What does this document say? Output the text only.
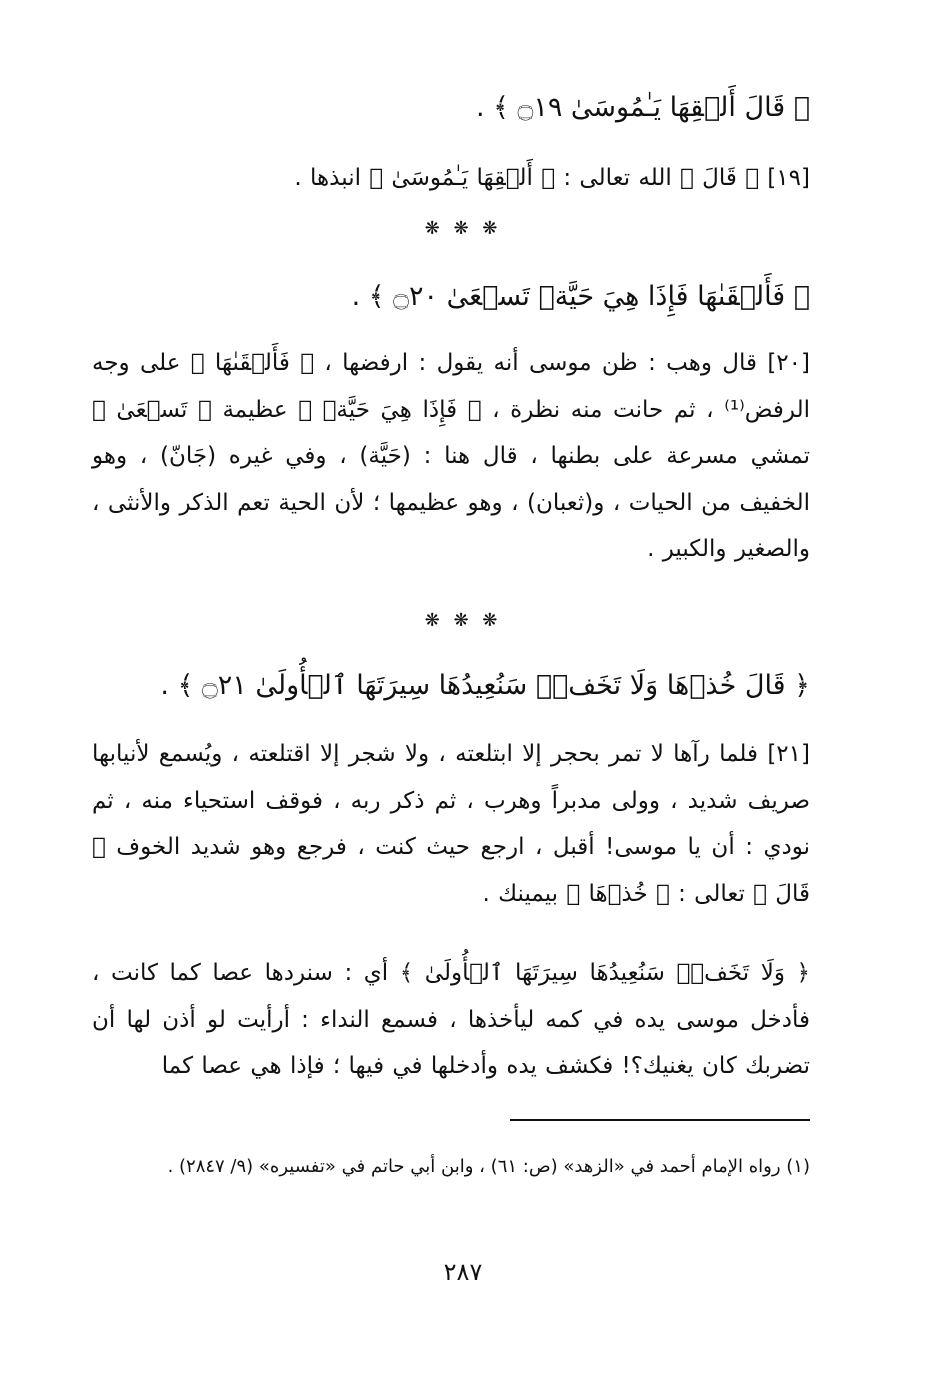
﴿ قَالَ أَلۡقِهَا يَـٰمُوسَىٰ ۝١٩ ﴾ .
[١٩] ﴿ قَالَ ﴾ الله تعالى : ﴿ أَلۡقِهَا يَـٰمُوسَىٰ ﴾ انبذها .
❋ ❋ ❋
﴿ فَأَلۡقَىٰهَا فَإِذَا هِيَ حَيَّةٞ تَسۡعَىٰ ۝٢٠ ﴾ .
[٢٠] قال وهب : ظن موسى أنه يقول : ارفضها ، ﴿ فَأَلۡقَىٰهَا ﴾ على وجه الرفض⁽¹⁾ ، ثم حانت منه نظرة ، ﴿ فَإِذَا هِيَ حَيَّةٞ ﴾ عظيمة ﴿ تَسۡعَىٰ ﴾ تمشي مسرعة على بطنها ، قال هنا : (حَيَّة) ، وفي غيره (جَانّ) ، وهو الخفيف من الحيات ، و(ثعبان) ، وهو عظيمها ؛ لأن الحية تعم الذكر والأنثى ، والصغير والكبير .
❋ ❋ ❋
﴿ قَالَ خُذۡهَا وَلَا تَخَفۡۖ سَنُعِيدُهَا سِيرَتَهَا ٱلۡأُولَىٰ ۝٢١ ﴾ .
[٢١] فلما رآها لا تمر بحجر إلا ابتلعته ، ولا شجر إلا اقتلعته ، ويُسمع لأنيابها صريف شديد ، وولى مدبراً وهرب ، ثم ذكر ربه ، فوقف استحياء منه ، ثم نودي : أن يا موسى! أقبل ، ارجع حيث كنت ، فرجع وهو شديد الخوف ﴿ قَالَ ﴾ تعالى : ﴿ خُذۡهَا ﴾ بيمينك .
﴿ وَلَا تَخَفۡۖ سَنُعِيدُهَا سِيرَتَهَا ٱلۡأُولَىٰ ﴾ أي : سنردها عصا كما كانت ، فأدخل موسى يده في كمه ليأخذها ، فسمع النداء : أرأيت لو أذن لها أن تضربك كان يغنيك؟! فكشف يده وأدخلها في فيها ؛ فإذا هي عصا كما
(١) رواه الإمام أحمد في «الزهد» (ص: ٦١) ، وابن أبي حاتم في «تفسيره» (٩/ ٢٨٤٧) .
٢٨٧
